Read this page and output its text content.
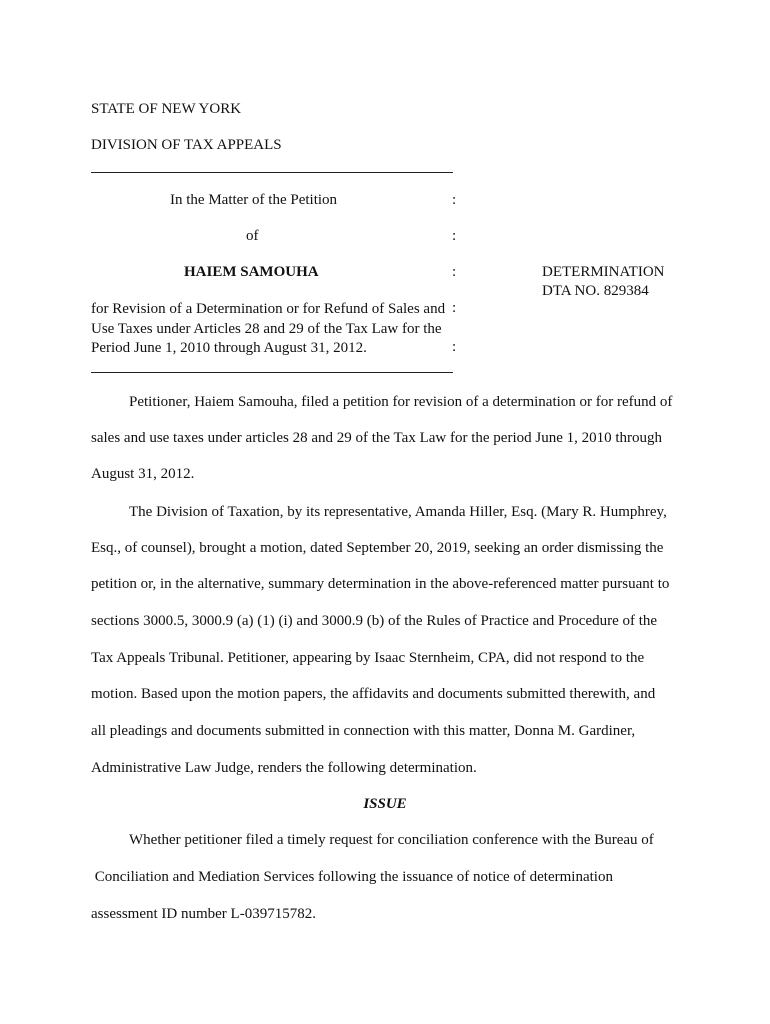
STATE OF NEW YORK
DIVISION OF TAX APPEALS
In the Matter of the Petition	:
of	:
HAIEM SAMOUHA	:	DETERMINATION
DTA NO. 829384
for Revision of a Determination or for Refund of Sales and :
Use Taxes under Articles 28 and 29 of the Tax Law for the
Period June 1, 2010 through August 31, 2012.	:
Petitioner, Haiem Samouha, filed a petition for revision of a determination or for refund of
sales and use taxes under articles 28 and 29 of the Tax Law for the period June 1, 2010 through
August 31, 2012.
The Division of Taxation, by its representative, Amanda Hiller, Esq. (Mary R. Humphrey,
Esq., of counsel), brought a motion, dated September 20, 2019, seeking an order dismissing the
petition or, in the alternative, summary determination in the above-referenced matter pursuant to
sections 3000.5, 3000.9 (a) (1) (i) and 3000.9 (b) of the Rules of Practice and Procedure of the
Tax Appeals Tribunal. Petitioner, appearing by Isaac Sternheim, CPA, did not respond to the
motion. Based upon the motion papers, the affidavits and documents submitted therewith, and
all pleadings and documents submitted in connection with this matter, Donna M. Gardiner,
Administrative Law Judge, renders the following determination.
ISSUE
Whether petitioner filed a timely request for conciliation conference with the Bureau of
Conciliation and Mediation Services following the issuance of notice of determination
assessment ID number L-039715782.
